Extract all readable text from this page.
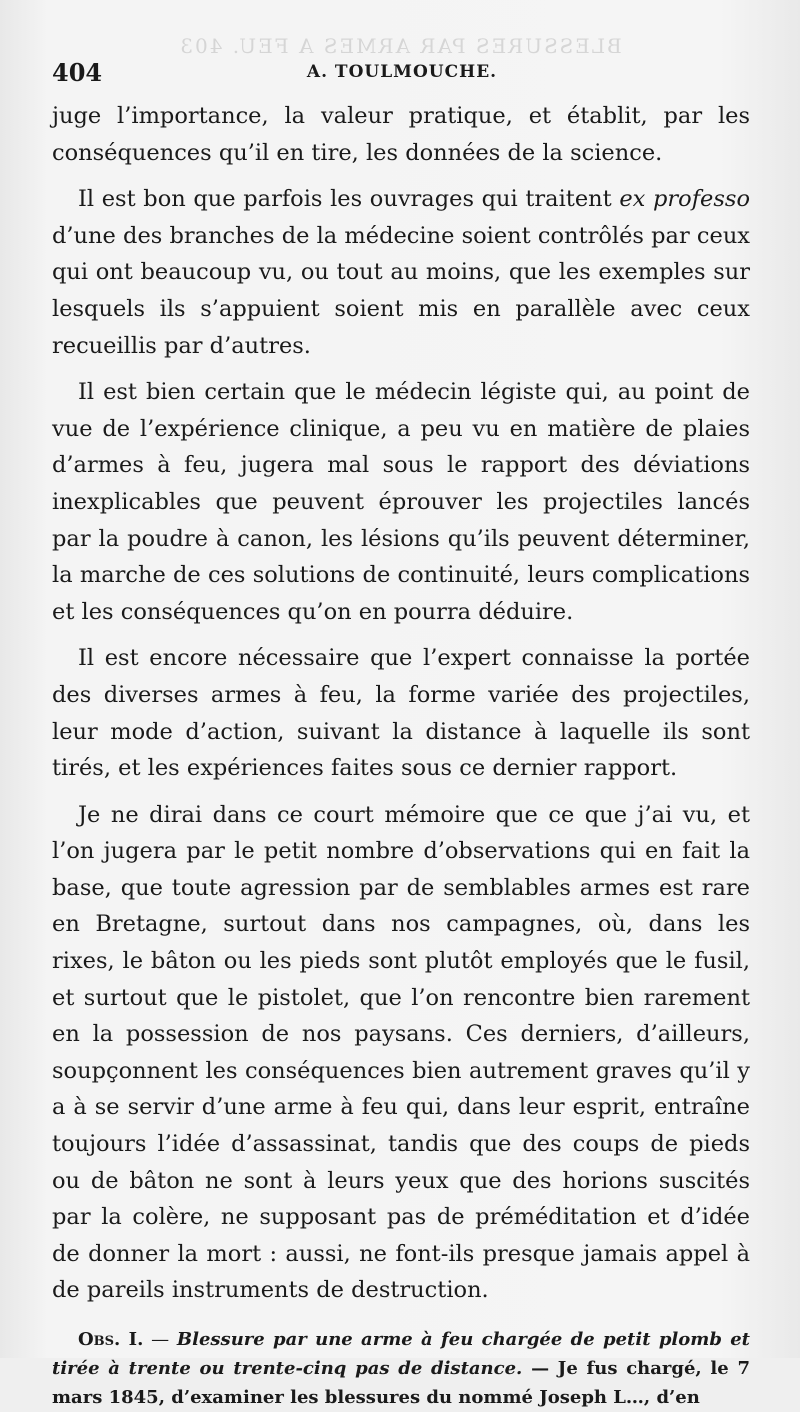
BLESSURES PAR ARMES A FEU. 403
404	A. TOULMOUCHE.

juge l’importance, la valeur pratique, et établit, par les conséquences qu’il en tire, les données de la science.

Il est bon que parfois les ouvrages qui traitent ex professo d’une des branches de la médecine soient contrôlés par ceux qui ont beaucoup vu, ou tout au moins, que les exemples sur lesquels ils s’appuient soient mis en parallèle avec ceux recueillis par d’autres.

Il est bien certain que le médecin légiste qui, au point de vue de l’expérience clinique, a peu vu en matière de plaies d’armes à feu, jugera mal sous le rapport des déviations inexplicables que peuvent éprouver les projectiles lancés par la poudre à canon, les lésions qu’ils peuvent déterminer, la marche de ces solutions de continuité, leurs complications et les conséquences qu’on en pourra déduire.

Il est encore nécessaire que l’expert connaisse la portée des diverses armes à feu, la forme variée des projectiles, leur mode d’action, suivant la distance à laquelle ils sont tirés, et les expériences faites sous ce dernier rapport.

Je ne dirai dans ce court mémoire que ce que j’ai vu, et l’on jugera par le petit nombre d’observations qui en fait la base, que toute agression par de semblables armes est rare en Bretagne, surtout dans nos campagnes, où, dans les rixes, le bâton ou les pieds sont plutôt employés que le fusil, et surtout que le pistolet, que l’on rencontre bien rarement en la possession de nos paysans. Ces derniers, d’ailleurs, soupçonnent les conséquences bien autrement graves qu’il y a à se servir d’une arme à feu qui, dans leur esprit, entraîne toujours l’idée d’assassinat, tandis que des coups de pieds ou de bâton ne sont à leurs yeux que des horions suscités par la colère, ne supposant pas de préméditation et d’idée de donner la mort : aussi, ne font-ils presque jamais appel à de pareils instruments de destruction.

Obs. I. — Blessure par une arme à feu chargée de petit plomb et tirée à trente ou trente-cinq pas de distance. — Je fus chargé, le 7 mars 1845, d’examiner les blessures du nommé Joseph L…, d’en
